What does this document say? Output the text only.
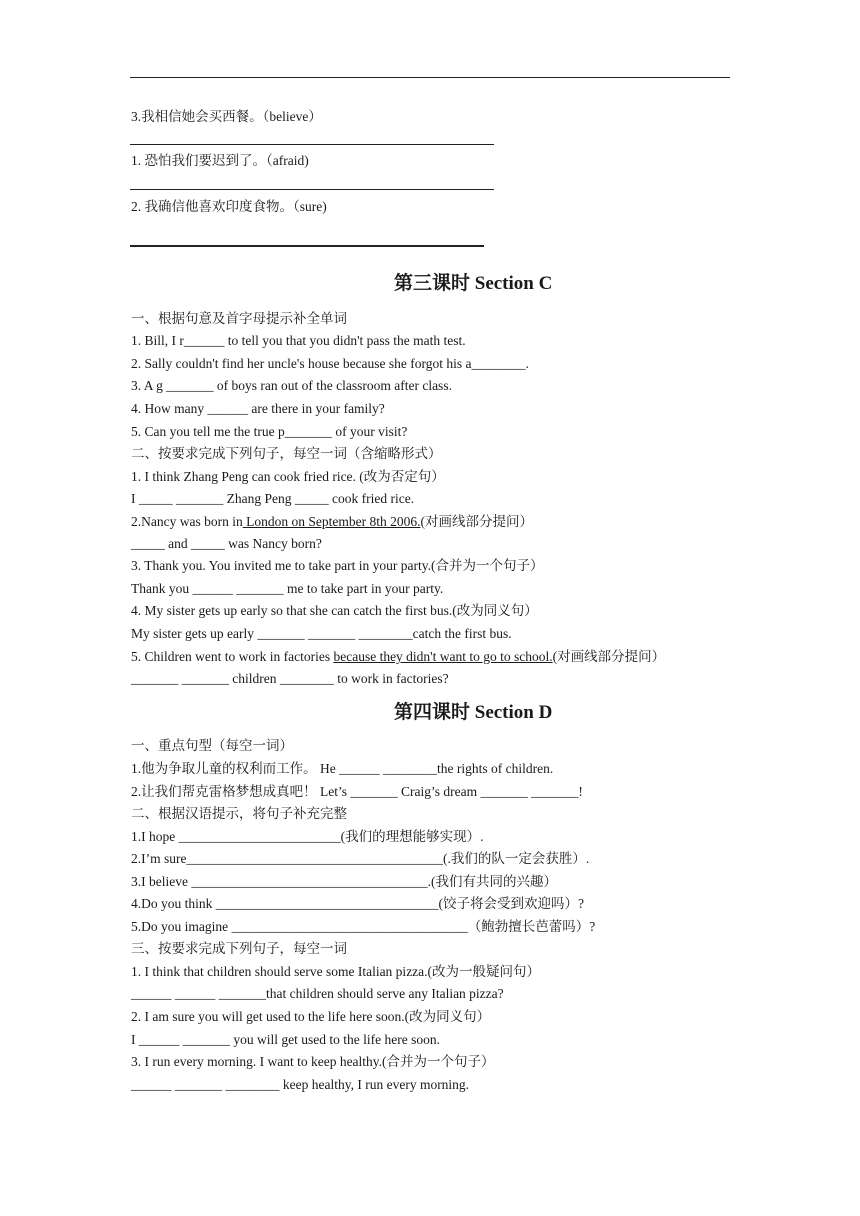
3.我相信她会买西餐。（believe）
1. 恐怕我们要迟到了。（afraid)
2. 我确信他喜欢印度食物。（sure)
第三课时 Section C
一、根据句意及首字母提示补全单词
1. Bill, I r______ to tell you that you didn't pass the math test.
2. Sally couldn't find her uncle's house because she forgot his a________.
3. A g _______ of boys ran out of the classroom after class.
4. How many ______ are there in your family?
5. Can you tell me the true p_______ of your visit?
二、按要求完成下列句子，每空一词（含缩略形式）
1. I think Zhang Peng can cook fried rice. (改为否定句）
I _____ _______ Zhang Peng _____ cook fried rice.
2.Nancy was born in London on September 8th 2006.(对画线部分提问）
_____ and _____ was Nancy born?
3. Thank you. You invited me to take part in your party.(合并为一个句子）
Thank you ______ _______ me to take part in your party.
4. My sister gets up early so that she can catch the first bus.(改为同义句）
My sister gets up early _______ _______ ________catch the first bus.
5. Children went to work in factories because they didn't want to go to school.(对画线部分提问）
_______ _______ children ________ to work in factories?
第四课时 Section D
一、重点句型（每空一词）
1.他为争取儿童的权利而工作。 He ______ ________the rights of children.
2.让我们帮克雷格梦想成真吧！ Let’s _______ Craig’s dream _______ _______!
二、根据汉语提示，将句子补充完整
1.I hope ________________________(我们的理想能够实现）.
2.I’m sure______________________________________(.我们的队一定会获胜）.
3.I believe ___________________________________.(我们有共同的兴趣）
4.Do you think _________________________________(饺子将会受到欢迎吗）?
5.Do you imagine ___________________________________（鲍勃擅长芭蕾吗）?
三、按要求完成下列句子，每空一词
1. I think that children should serve some Italian pizza.(改为一般疑问句）
______ ______ _______that children should serve any Italian pizza?
2. I am sure you will get used to the life here soon.(改为同义句）
I ______ _______ you will get used to the life here soon.
3. I run every morning. I want to keep healthy.(合并为一个句子）
______ _______ ________ keep healthy, I run every morning.
